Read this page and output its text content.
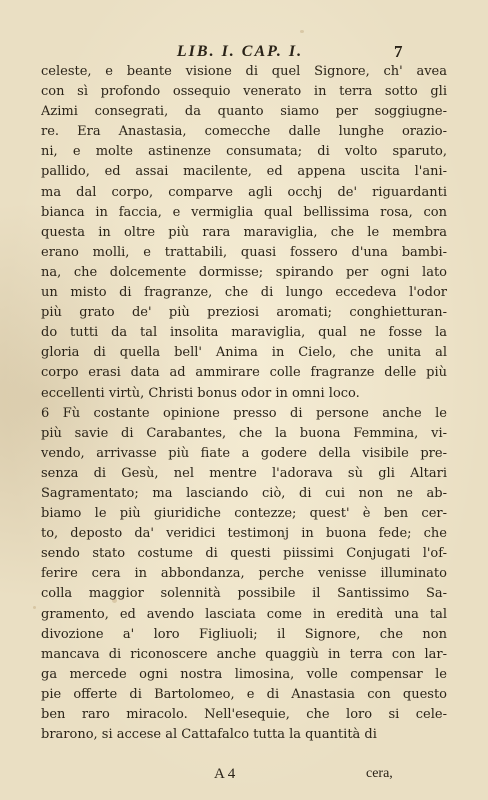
LIB. I. CAP. I.	7
celeste, e beante visione di quel Signore, ch' avea
con sì profondo ossequio venerato in terra sotto gli
Azimi consegrati, da quanto siamo per soggiugne-
re. Era Anastasia, comecche dalle lunghe orazio-
ni, e molte astinenze consumata; di volto sparuto,
pallido, ed assai macilente, ed appena uscita l'ani-
ma dal corpo, comparve agli occhj de' riguardanti
bianca in faccia, e vermiglia qual bellissima rosa, con
questa in oltre più rara maraviglia, che le membra
erano molli, e trattabili, quasi fossero d'una bambi-
na, che dolcemente dormisse; spirando per ogni lato
un misto di fragranze, che di lungo eccedeva l'odor
più grato de' più preziosi aromati; conghietturan-
do tutti da tal insolita maraviglia, qual ne fosse la
gloria di quella bell' Anima in Cielo, che unita al
corpo erasi data ad ammirare colle fragranze delle più
eccellenti virtù, Christi bonus odor in omni loco.
6 Fù costante opinione presso di persone anche le
più savie di Carabantes, che la buona Femmina, vi-
vendo, arrivasse più fiate a godere della visibile pre-
senza di Gesù, nel mentre l'adorava sù gli Altari
Sagramentato; ma lasciando ciò, di cui non ne ab-
biamo le più giuridiche contezze; quest' è ben cer-
to, deposto da' veridici testimonj in buona fede; che
sendo stato costume di questi piissimi Conjugati l'of-
ferire cera in abbondanza, perche venisse illuminato
colla maggior solennità possibile il Santissimo Sa-
gramento, ed avendo lasciata come in eredità una tal
divozione a' loro Figliuoli; il Signore, che non
mancava di riconoscere anche quaggiù in terra con lar-
ga mercede ogni nostra limosina, volle compensar le
pie offerte di Bartolomeo, e di Anastasia con questo
ben raro miracolo. Nell'esequie, che loro si cele-
brarono, si accese al Cattafalco tutta la quantità di
A 4	cera,
